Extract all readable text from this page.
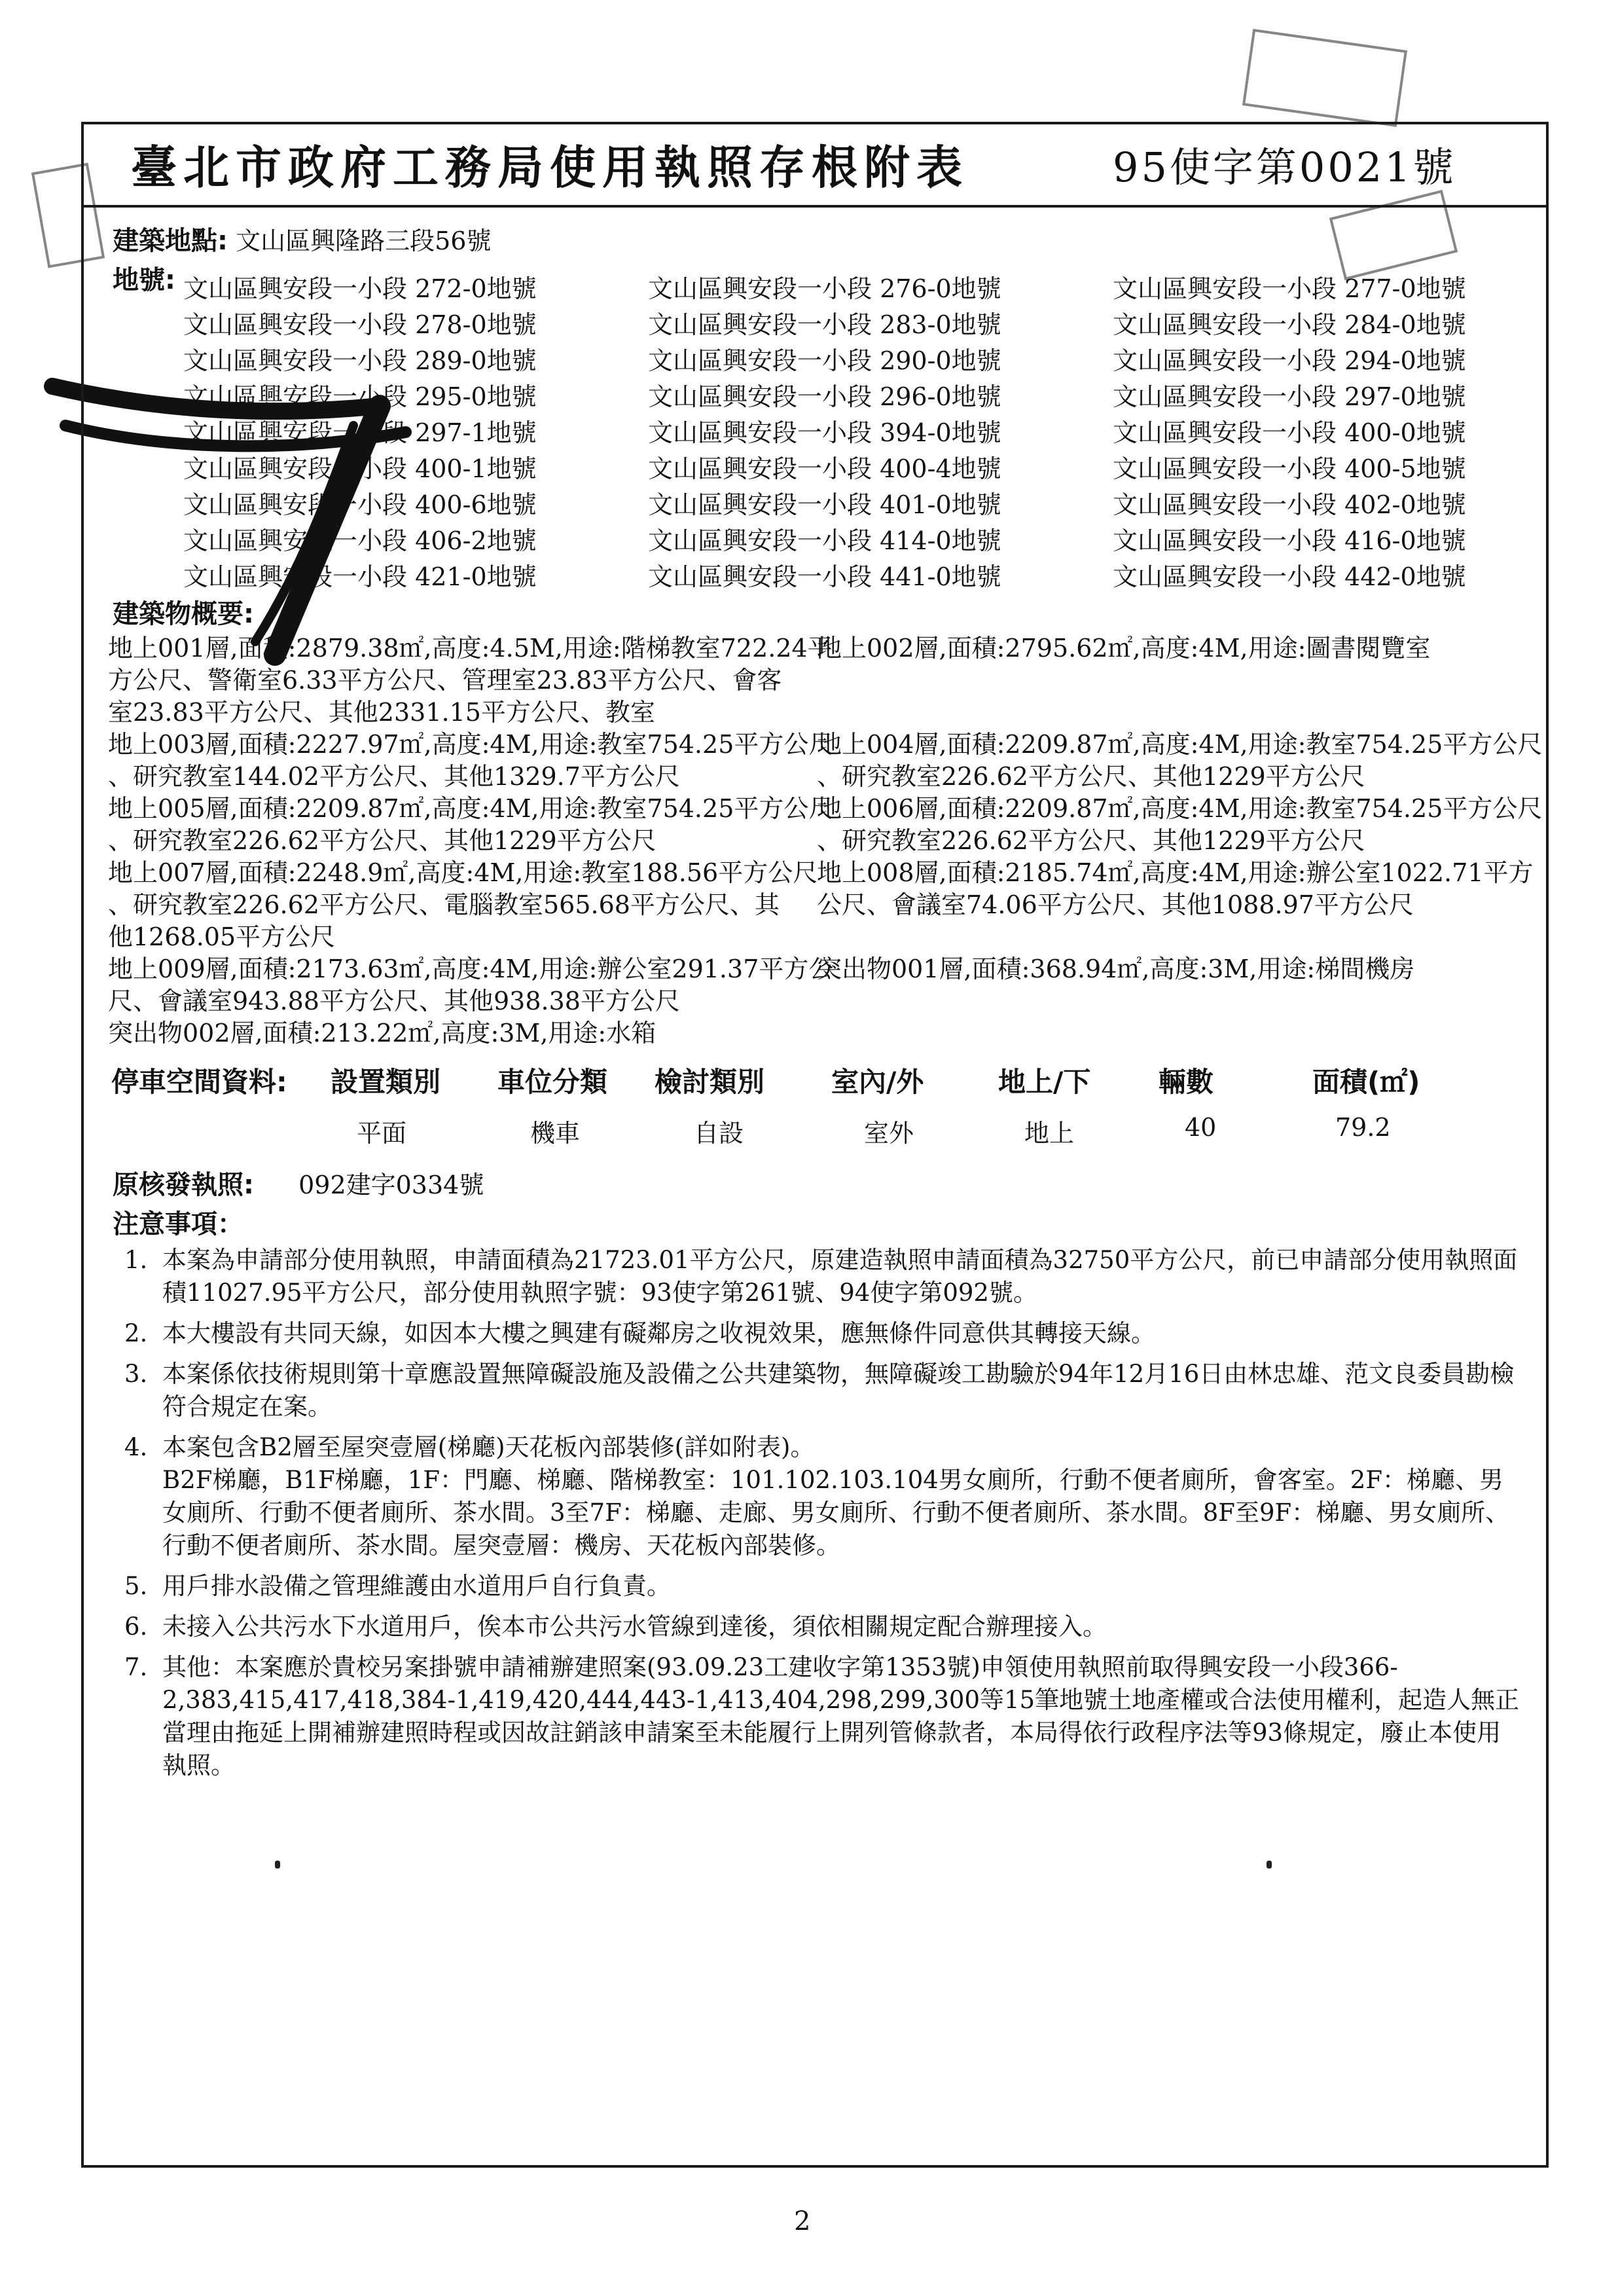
臺北市政府工務局使用執照存根附表	95使字第0021號
建築地點: 文山區興隆路三段56號
地號: 文山區興安段一小段 272-0地號	文山區興安段一小段 276-0地號	文山區興安段一小段 277-0地號
文山區興安段一小段 278-0地號	文山區興安段一小段 283-0地號	文山區興安段一小段 284-0地號
文山區興安段一小段 289-0地號	文山區興安段一小段 290-0地號	文山區興安段一小段 294-0地號
文山區興安段一小段 295-0地號	文山區興安段一小段 296-0地號	文山區興安段一小段 297-0地號
文山區興安段一小段 297-1地號	文山區興安段一小段 394-0地號	文山區興安段一小段 400-0地號
文山區興安段一小段 400-1地號	文山區興安段一小段 400-4地號	文山區興安段一小段 400-5地號
文山區興安段一小段 400-6地號	文山區興安段一小段 401-0地號	文山區興安段一小段 402-0地號
文山區興安段一小段 406-2地號	文山區興安段一小段 414-0地號	文山區興安段一小段 416-0地號
文山區興安段一小段 421-0地號	文山區興安段一小段 441-0地號	文山區興安段一小段 442-0地號
建築物概要:
地上001層,面積:2879.38㎡,高度:4.5M,用途:階梯教室722.24平
方公尺、警衛室6.33平方公尺、管理室23.83平方公尺、會客
室23.83平方公尺、其他2331.15平方公尺、教室
地上003層,面積:2227.97㎡,高度:4M,用途:教室754.25平方公尺
、研究教室144.02平方公尺、其他1329.7平方公尺
地上005層,面積:2209.87㎡,高度:4M,用途:教室754.25平方公尺
、研究教室226.62平方公尺、其他1229平方公尺
地上007層,面積:2248.9㎡,高度:4M,用途:教室188.56平方公尺
、研究教室226.62平方公尺、電腦教室565.68平方公尺、其
他1268.05平方公尺
地上009層,面積:2173.63㎡,高度:4M,用途:辦公室291.37平方公
尺、會議室943.88平方公尺、其他938.38平方公尺
突出物002層,面積:213.22㎡,高度:3M,用途:水箱
地上002層,面積:2795.62㎡,高度:4M,用途:圖書閱覽室

地上004層,面積:2209.87㎡,高度:4M,用途:教室754.25平方公尺
、研究教室226.62平方公尺、其他1229平方公尺
地上006層,面積:2209.87㎡,高度:4M,用途:教室754.25平方公尺
、研究教室226.62平方公尺、其他1229平方公尺
地上008層,面積:2185.74㎡,高度:4M,用途:辦公室1022.71平方
公尺、會議室74.06平方公尺、其他1088.97平方公尺

突出物001層,面積:368.94㎡,高度:3M,用途:梯間機房

停車空間資料: 設置類別 車位分類 檢討類別 室內/外	地上/下 輛數	面積(㎡)
平面	機車	自設	室外	地上	40	79.2
原核發執照: 092建字0334號
注意事項：
1. 本案為申請部分使用執照，申請面積為21723.01平方公尺，原建造執照申請面積為32750平方公尺，前已申請部分使用執照面積11027.95平方公尺，部分使用執照字號：93使字第261號、94使字第092號。
2. 本大樓設有共同天線，如因本大樓之興建有礙鄰房之收視效果，應無條件同意供其轉接天線。
3. 本案係依技術規則第十章應設置無障礙設施及設備之公共建築物，無障礙竣工勘驗於94年12月16日由林忠雄、范文良委員勘檢符合規定在案。
4. 本案包含B2層至屋突壹層(梯廳)天花板內部裝修(詳如附表)。
B2F梯廳，B1F梯廳，1F：門廳、梯廳、階梯教室：101.102.103.104男女廁所，行動不便者廁所，會客室。2F：梯廳、男女廁所、行動不便者廁所、茶水間。3至7F：梯廳、走廊、男女廁所、行動不便者廁所、茶水間。8F至9F：梯廳、男女廁所、行動不便者廁所、茶水間。屋突壹層：機房、天花板內部裝修。
5. 用戶排水設備之管理維護由水道用戶自行負責。
6. 未接入公共污水下水道用戶，俟本市公共污水管線到達後，須依相關規定配合辦理接入。
7. 其他：本案應於貴校另案掛號申請補辦建照案(93.09.23工建收字第1353號)申領使用執照前取得興安段一小段366-2,383,415,417,418,384-1,419,420,444,443-1,413,404,298,299,300等15筆地號土地產權或合法使用權利，起造人無正當理由拖延上開補辦建照時程或因故註銷該申請案至未能履行上開列管條款者，本局得依行政程序法等93條規定，廢止本使用執照。
2
